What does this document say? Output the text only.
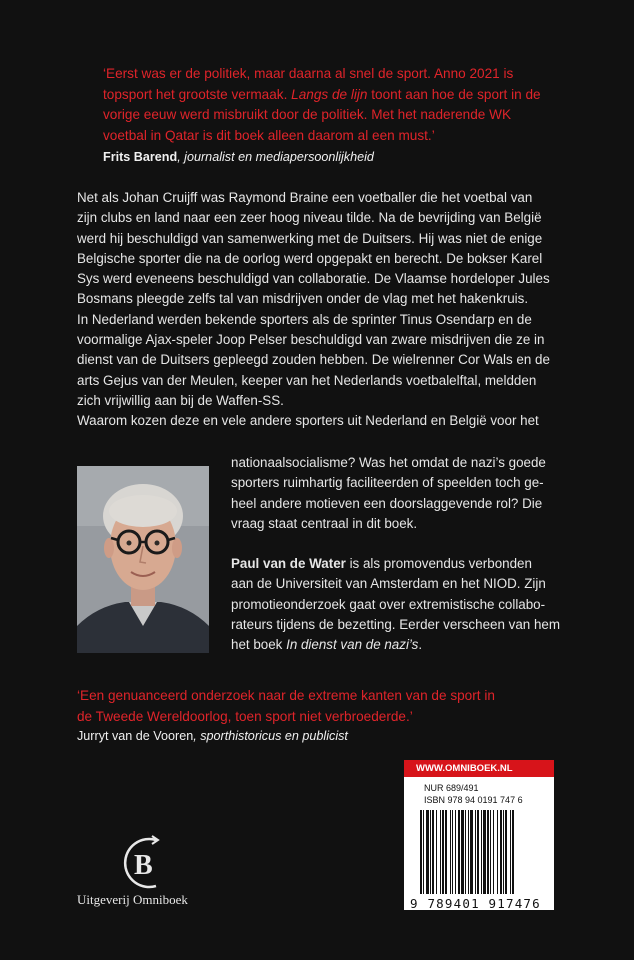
‘Eerst was er de politiek, maar daarna al snel de sport. Anno 2021 is
topsport het grootste vermaak. Langs de lijn toont aan hoe de sport in de
vorige eeuw werd misbruikt door de politiek. Met het naderende WK
voetbal in Qatar is dit boek alleen daarom al een must.’
Frits Barend, journalist en mediapersoonlijkheid
Net als Johan Cruijff was Raymond Braine een voetballer die het voetbal van
zijn clubs en land naar een zeer hoog niveau tilde. Na de bevrijding van België
werd hij beschuldigd van samenwerking met de Duitsers. Hij was niet de enige
Belgische sporter die na de oorlog werd opgepakt en berecht. De bokser Karel
Sys werd eveneens beschuldigd van collaboratie. De Vlaamse hordeloper Jules
Bosmans pleegde zelfs tal van misdrijven onder de vlag met het hakenkruis.
In Nederland werden bekende sporters als de sprinter Tinus Osendarp en de
voormalige Ajax-speler Joop Pelser beschuldigd van zware misdrijven die ze in
dienst van de Duitsers gepleegd zouden hebben. De wielrenner Cor Wals en de
arts Gejus van der Meulen, keeper van het Nederlands voetbalelftal, meldden
zich vrijwillig aan bij de Waffen-SS.
Waarom kozen deze en vele andere sporters uit Nederland en België voor het
nationaalsocialisme? Was het omdat de nazi’s goede
sporters ruimhartig faciliteerden of speelden toch ge-
heel andere motieven een doorslaggevende rol? Die
vraag staat centraal in dit boek.
Paul van de Water is als promovendus verbonden
aan de Universiteit van Amsterdam en het NIOD. Zijn
promotieonderzoek gaat over extremistische collabo-
rateurs tijdens de bezetting. Eerder verscheen van hem
het boek In dienst van de nazi’s.
‘Een genuanceerd onderzoek naar de extreme kanten van de sport in
de Tweede Wereldoorlog, toen sport niet verbroederde.’
Jurryt van de Vooren, sporthistoricus en publicist
B
Uitgeverij Omniboek
WWW.OMNIBOEK.NL
NUR 689/491
ISBN 978 94 0191 747 6
9 789401 917476
